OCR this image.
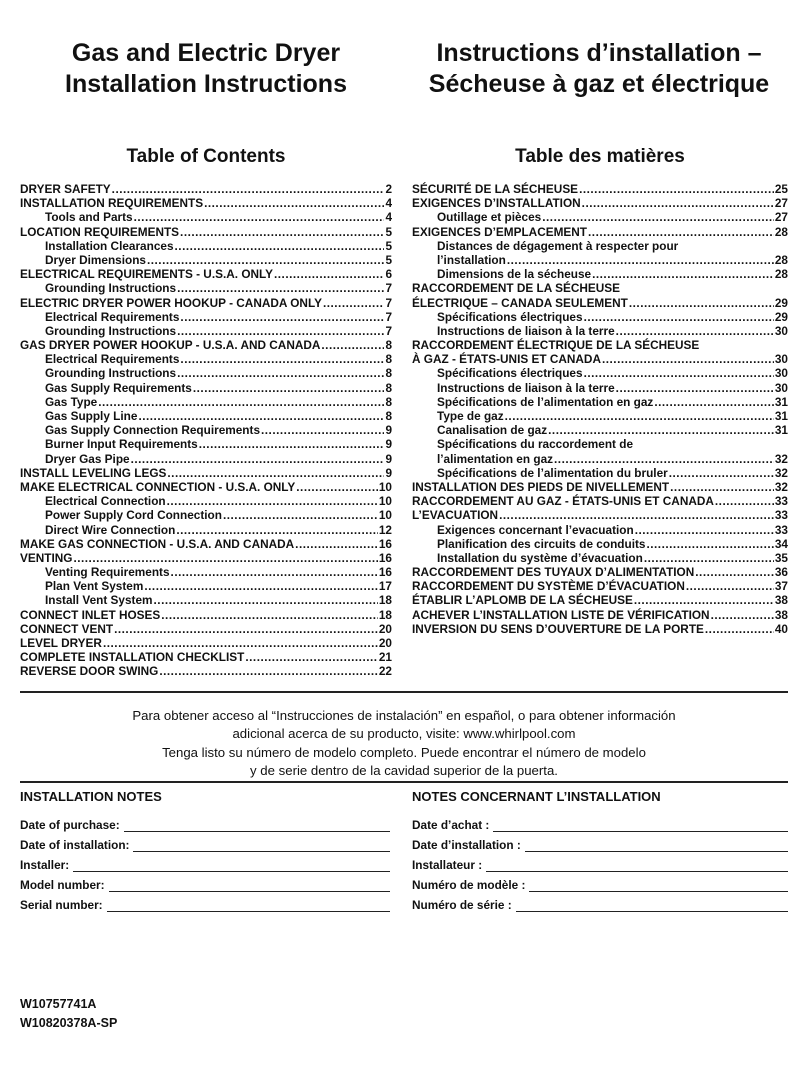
Gas and Electric Dryer
Installation Instructions
Instructions d’installation –
Sécheuse à gaz et électrique
Table of Contents	Table des matières
DRYER SAFETY .....	2
INSTALLATION REQUIREMENTS .....	4
Tools and Parts .....	4
LOCATION REQUIREMENTS .....	5
Installation Clearances .....	5
Dryer Dimensions .....	5
ELECTRICAL REQUIREMENTS - U.S.A. ONLY .....	6
Grounding Instructions .....	7
ELECTRIC DRYER POWER HOOKUP - CANADA ONLY .....	7
Electrical Requirements .....	7
Grounding Instructions .....	7
GAS DRYER POWER HOOKUP - U.S.A. AND CANADA .....	8
Electrical Requirements .....	8
Grounding Instructions .....	8
Gas Supply Requirements .....	8
Gas Type .....	8
Gas Supply Line .....	8
Gas Supply Connection Requirements .....	9
Burner Input Requirements .....	9
Dryer Gas Pipe .....	9
INSTALL LEVELING LEGS .....	9
MAKE ELECTRICAL CONNECTION - U.S.A. ONLY .....	10
Electrical Connection .....	10
Power Supply Cord Connection .....	10
Direct Wire Connection .....	12
MAKE GAS CONNECTION - U.S.A. AND CANADA .....	16
VENTING .....	16
Venting Requirements .....	16
Plan Vent System .....	17
Install Vent System .....	18
CONNECT INLET HOSES .....	18
CONNECT VENT .....	20
LEVEL DRYER .....	20
COMPLETE INSTALLATION CHECKLIST .....	21
REVERSE DOOR SWING .....	22
SÉCURITÉ DE LA SÉCHEUSE .....	25
EXIGENCES D’INSTALLATION .....	27
Outillage et pièces .....	27
EXIGENCES D’EMPLACEMENT .....	28
Distances de dégagement à respecter pour
l’installation .....	28
Dimensions de la sécheuse .....	28
RACCORDEMENT DE LA SÉCHEUSE
ÉLECTRIQUE – CANADA SEULEMENT .....	29
Spécifications électriques .....	29
Instructions de liaison à la terre .....	30
RACCORDEMENT ÉLECTRIQUE DE LA SÉCHEUSE
À GAZ - ÉTATS-UNIS ET CANADA .....	30
Spécifications électriques .....	30
Instructions de liaison à la terre .....	30
Spécifications de l’alimentation en gaz .....	31
Type de gaz .....	31
Canalisation de gaz .....	31
Spécifications du raccordement de
l’alimentation en gaz .....	32
Spécifications de l’alimentation du bruler .....	32
INSTALLATION DES PIEDS DE NIVELLEMENT .....	32
RACCORDEMENT AU GAZ - ÉTATS-UNIS ET CANADA .....	33
L’EVACUATION .....	33
Exigences concernant l’evacuation .....	33
Planification des circuits de conduits .....	34
Installation du système d’évacuation .....	35
RACCORDEMENT DES TUYAUX D’ALIMENTATION .....	36
RACCORDEMENT DU SYSTÈME D’ÉVACUATION .....	37
ÉTABLIR L’APLOMB DE LA SÉCHEUSE .....	38
ACHEVER L’INSTALLATION LISTE DE VÉRIFICATION .....	38
INVERSION DU SENS D’OUVERTURE DE LA PORTE .....	40
Para obtener acceso al “Instrucciones de instalación” en español, o para obtener información
adicional acerca de su producto, visite: www.whirlpool.com
Tenga listo su número de modelo completo. Puede encontrar el número de modelo
y de serie dentro de la cavidad superior de la puerta.
INSTALLATION NOTES	NOTES CONCERNANT L’INSTALLATION
Date of purchase:
Date of installation:
Installer:
Model number:
Serial number:
Date d’achat :
Date d’installation :
Installateur :
Numéro de modèle :
Numéro de série :
W10757741A
W10820378A-SP
